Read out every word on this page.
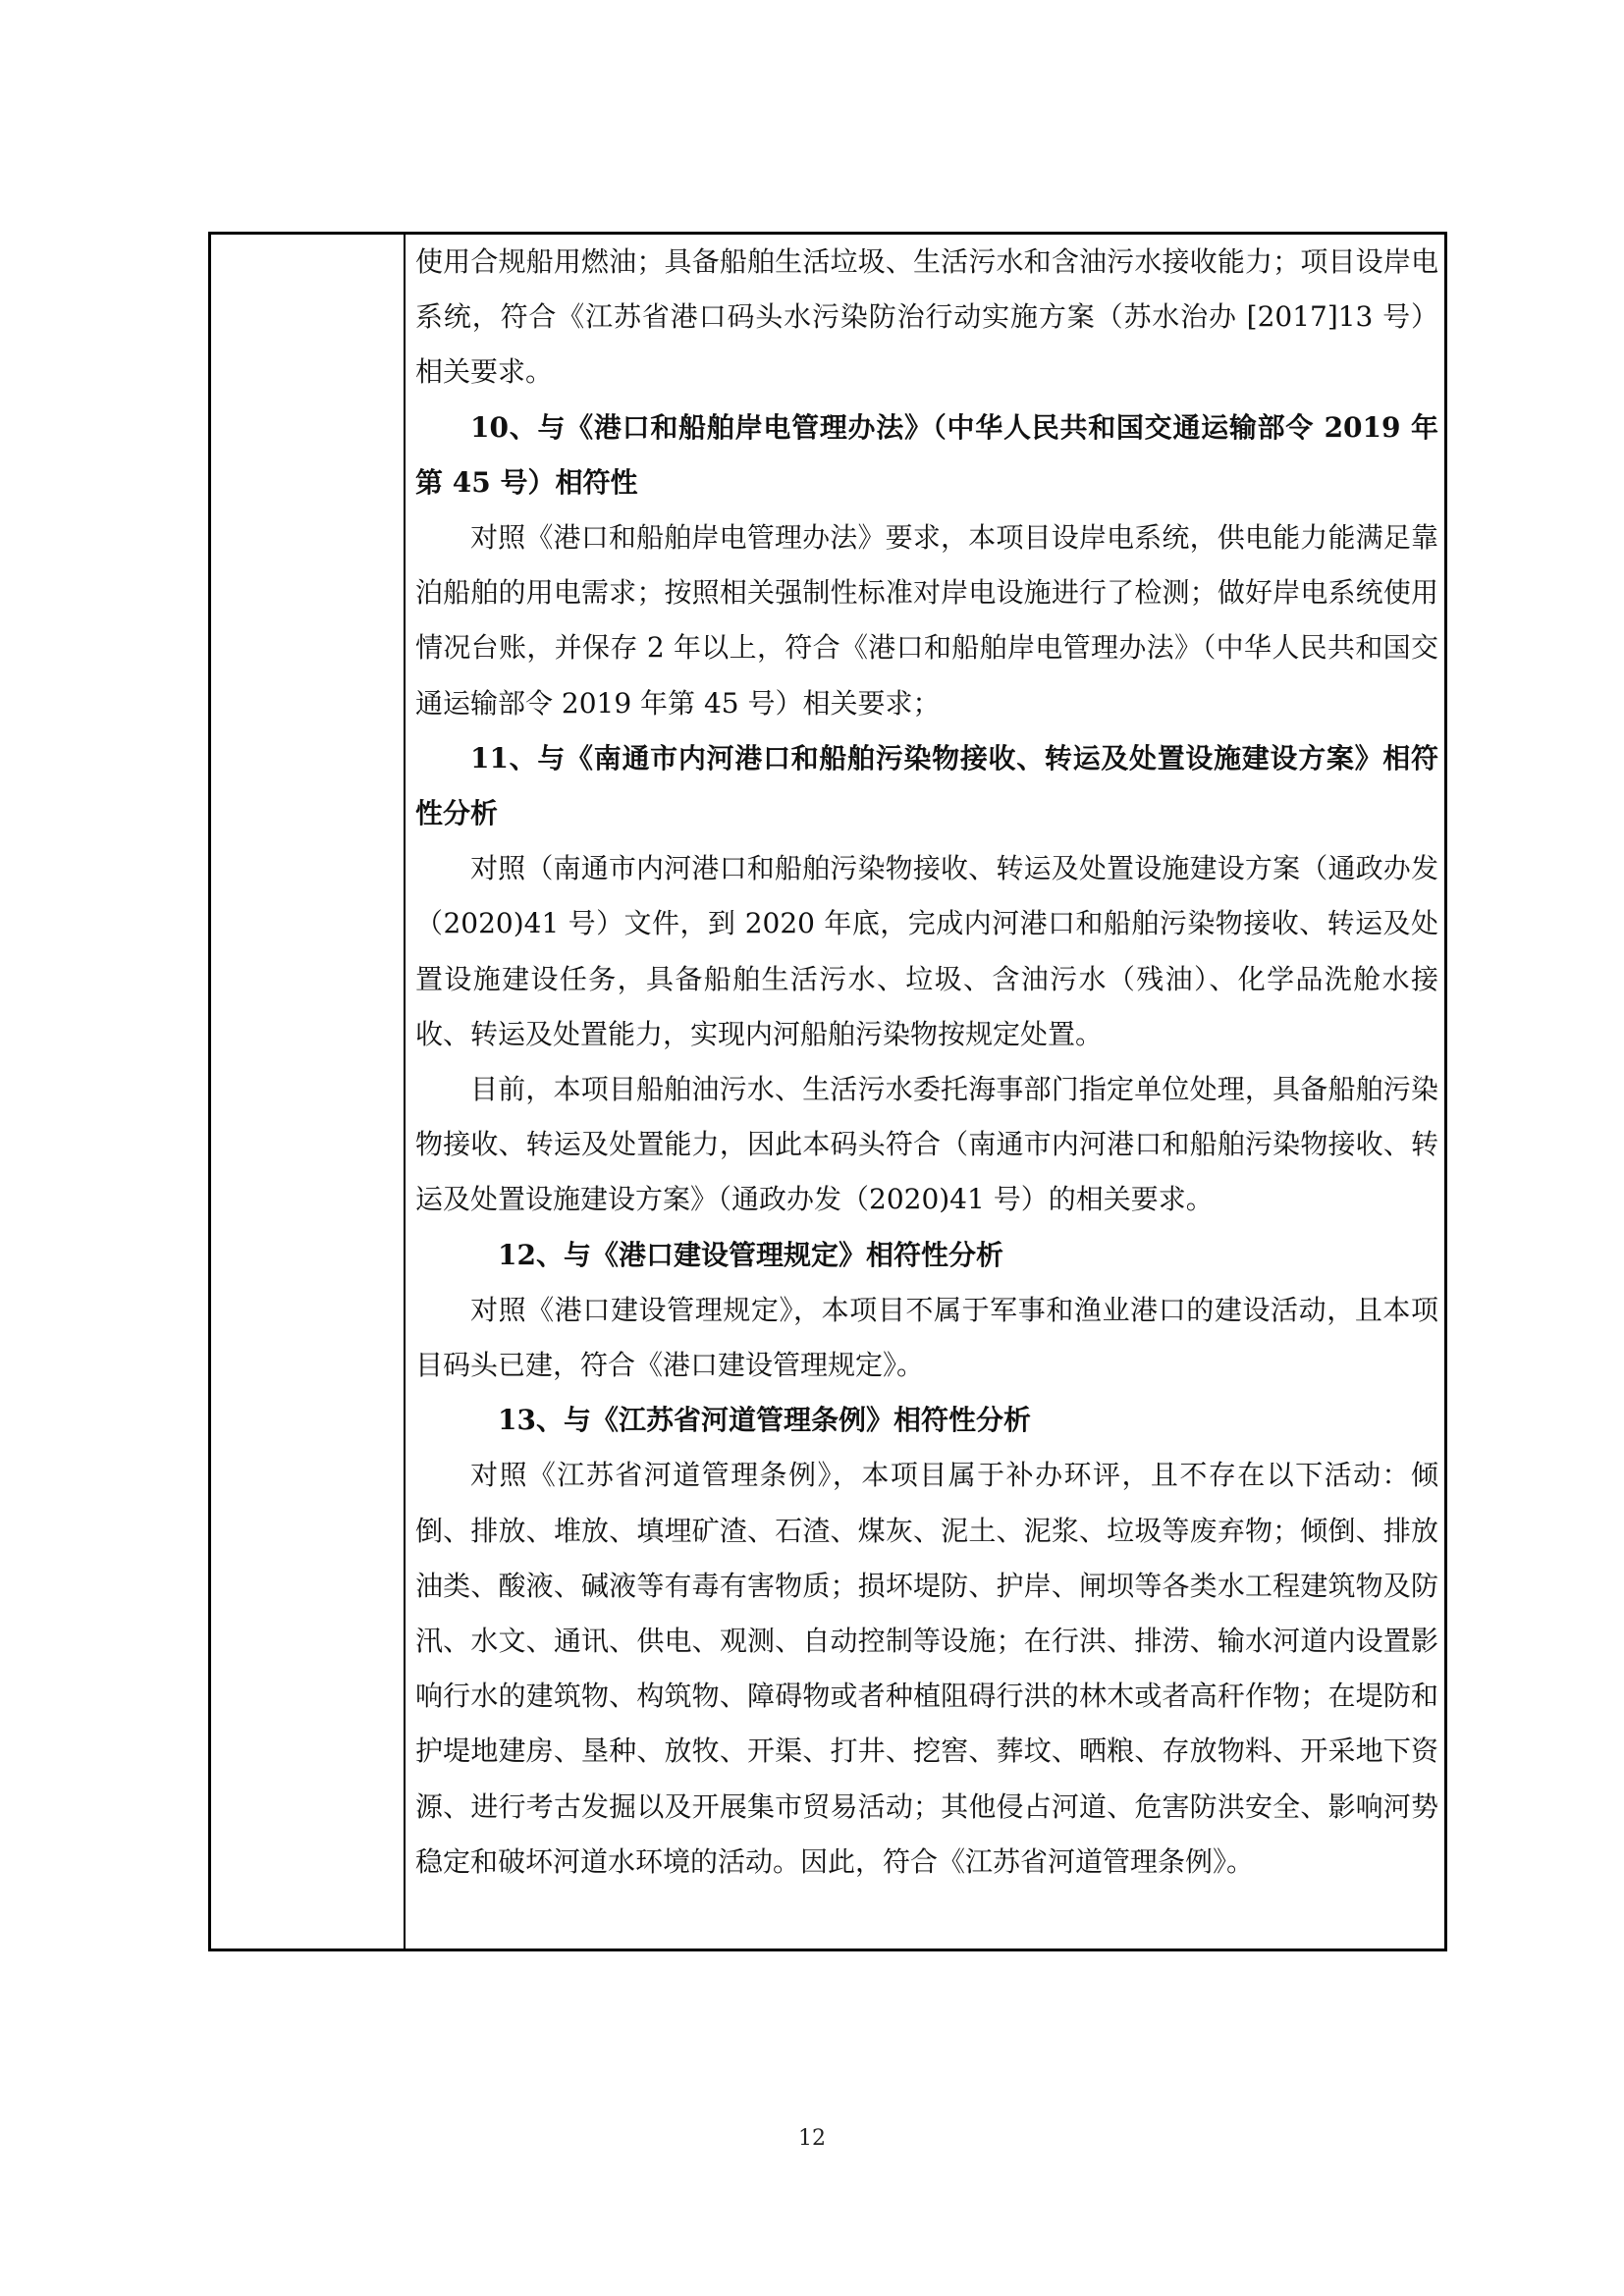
使用合规船用燃油；具备船舶生活垃圾、生活污水和含油污水接收能力；项目设岸电系统，符合《江苏省港口码头水污染防治行动实施方案（苏水治办 [2017]13 号）相关要求。

10、与《港口和船舶岸电管理办法》（中华人民共和国交通运输部令 2019 年第 45 号）相符性

对照《港口和船舶岸电管理办法》要求，本项目设岸电系统，供电能力能满足靠泊船舶的用电需求；按照相关强制性标准对岸电设施进行了检测；做好岸电系统使用情况台账，并保存 2 年以上，符合《港口和船舶岸电管理办法》（中华人民共和国交通运输部令 2019 年第 45 号）相关要求；

11、与《南通市内河港口和船舶污染物接收、转运及处置设施建设方案》相符性分析

对照（南通市内河港口和船舶污染物接收、转运及处置设施建设方案（通政办发（2020)41 号）文件，到 2020 年底，完成内河港口和船舶污染物接收、转运及处置设施建设任务，具备船舶生活污水、垃圾、含油污水（残油）、化学品洗舱水接收、转运及处置能力，实现内河船舶污染物按规定处置。

目前，本项目船舶油污水、生活污水委托海事部门指定单位处理，具备船舶污染物接收、转运及处置能力，因此本码头符合（南通市内河港口和船舶污染物接收、转运及处置设施建设方案》（通政办发（2020)41 号）的相关要求。

12、与《港口建设管理规定》相符性分析

对照《港口建设管理规定》，本项目不属于军事和渔业港口的建设活动，且本项目码头已建，符合《港口建设管理规定》。

13、与《江苏省河道管理条例》相符性分析

对照《江苏省河道管理条例》，本项目属于补办环评，且不存在以下活动：倾倒、排放、堆放、填埋矿渣、石渣、煤灰、泥土、泥浆、垃圾等废弃物；倾倒、排放油类、酸液、碱液等有毒有害物质；损坏堤防、护岸、闸坝等各类水工程建筑物及防汛、水文、通讯、供电、观测、自动控制等设施；在行洪、排涝、输水河道内设置影响行水的建筑物、构筑物、障碍物或者种植阻碍行洪的林木或者高秆作物；在堤防和护堤地建房、垦种、放牧、开渠、打井、挖窖、葬坟、晒粮、存放物料、开采地下资源、进行考古发掘以及开展集市贸易活动；其他侵占河道、危害防洪安全、影响河势稳定和破坏河道水环境的活动。因此，符合《江苏省河道管理条例》。

12
